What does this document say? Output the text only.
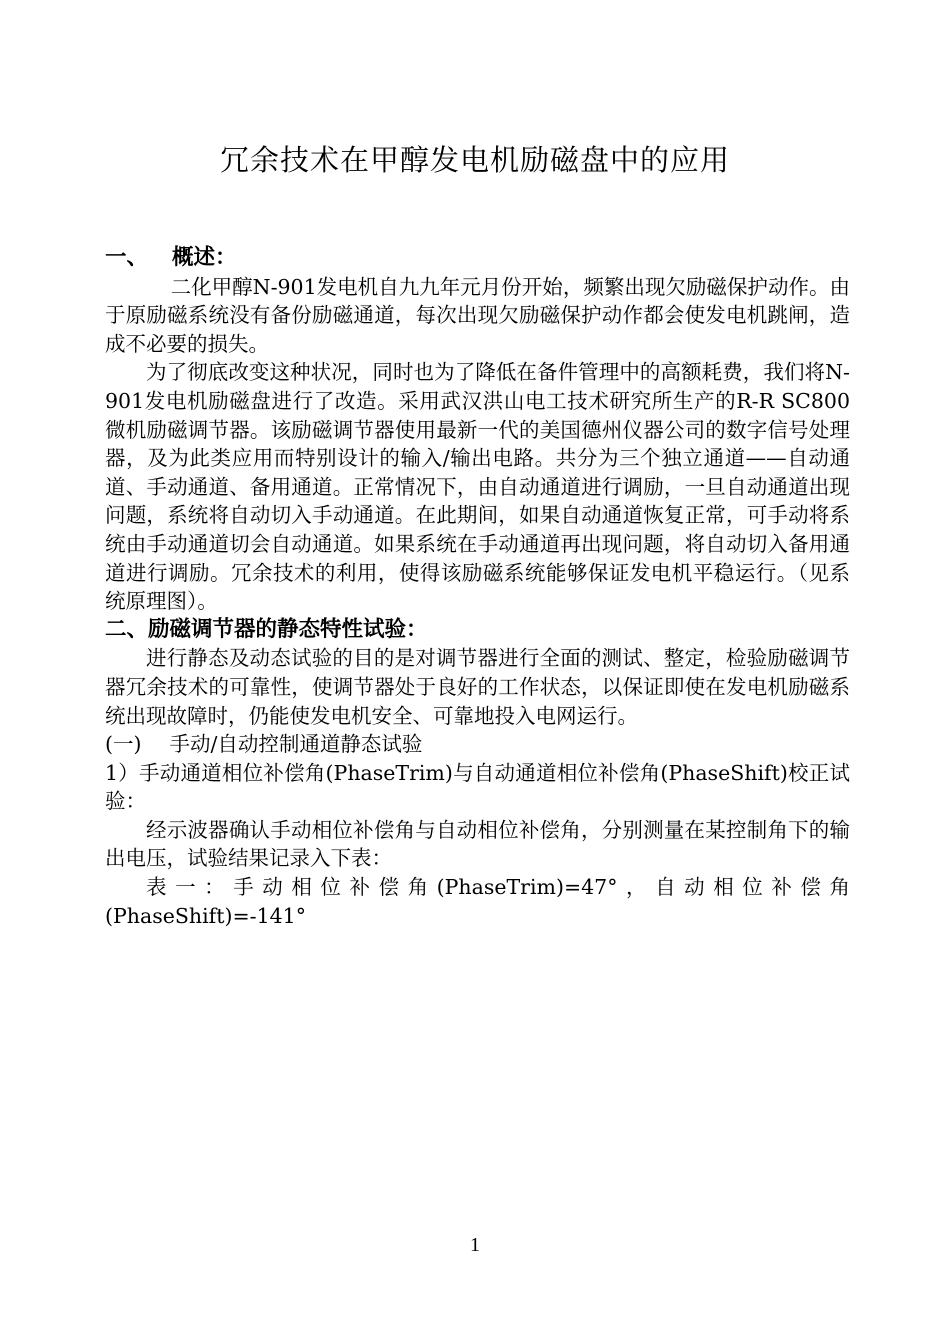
冗余技术在甲醇发电机励磁盘中的应用

一、 概述：

二化甲醇N-901发电机自九九年元月份开始，频繁出现欠励磁保护动作。由于原励磁系统没有备份励磁通道，每次出现欠励磁保护动作都会使发电机跳闸，造成不必要的损失。

为了彻底改变这种状况，同时也为了降低在备件管理中的高额耗费，我们将N-901发电机励磁盘进行了改造。采用武汉洪山电工技术研究所生产的R-R SC800微机励磁调节器。该励磁调节器使用最新一代的美国德州仪器公司的数字信号处理器，及为此类应用而特别设计的输入/输出电路。共分为三个独立通道——自动通道、手动通道、备用通道。正常情况下，由自动通道进行调励，一旦自动通道出现问题，系统将自动切入手动通道。在此期间，如果自动通道恢复正常，可手动将系统由手动通道切会自动通道。如果系统在手动通道再出现问题，将自动切入备用通道进行调励。冗余技术的利用，使得该励磁系统能够保证发电机平稳运行。（见系统原理图）。

二、励磁调节器的静态特性试验：

进行静态及动态试验的目的是对调节器进行全面的测试、整定，检验励磁调节器冗余技术的可靠性，使调节器处于良好的工作状态，以保证即使在发电机励磁系统出现故障时，仍能使发电机安全、可靠地投入电网运行。

(一) 手动/自动控制通道静态试验

1）手动通道相位补偿角(PhaseTrim)与自动通道相位补偿角(PhaseShift)校正试验：

经示波器确认手动相位补偿角与自动相位补偿角，分别测量在某控制角下的输出电压，试验结果记录入下表：

表一：手动相位补偿角(PhaseTrim)=47°，自动相位补偿角(PhaseShift)=-141°

1
